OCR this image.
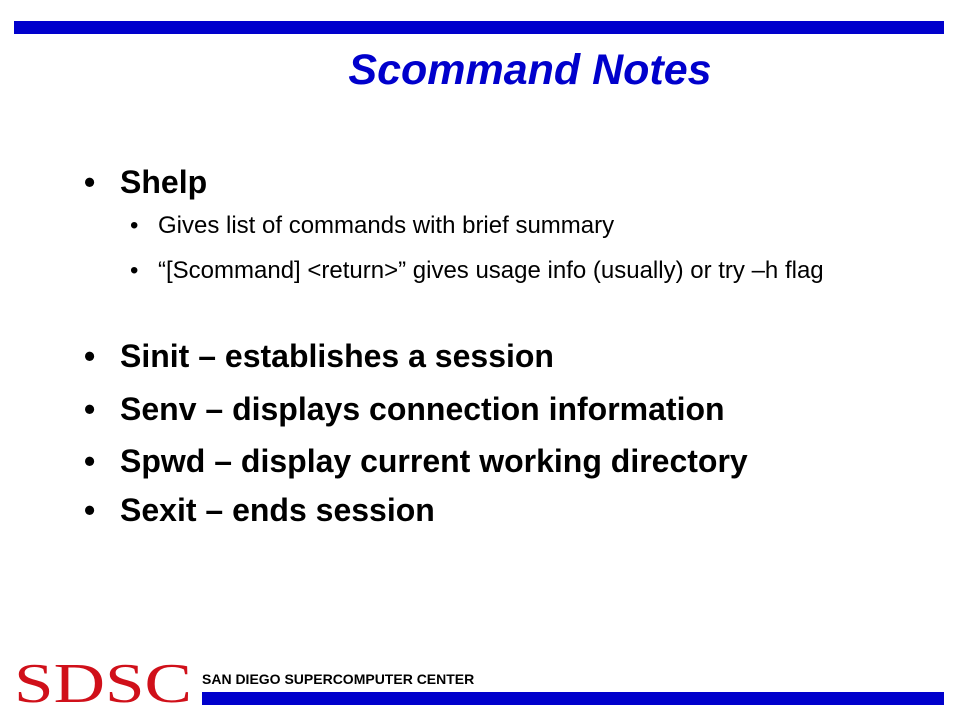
Scommand Notes
• Shelp
• Gives list of commands with brief summary
• “[Scommand] <return>” gives usage info (usually) or try –h flag
• Sinit – establishes a session
• Senv – displays connection information
• Spwd – display current working directory
• Sexit – ends session
SDSC SAN DIEGO SUPERCOMPUTER CENTER
